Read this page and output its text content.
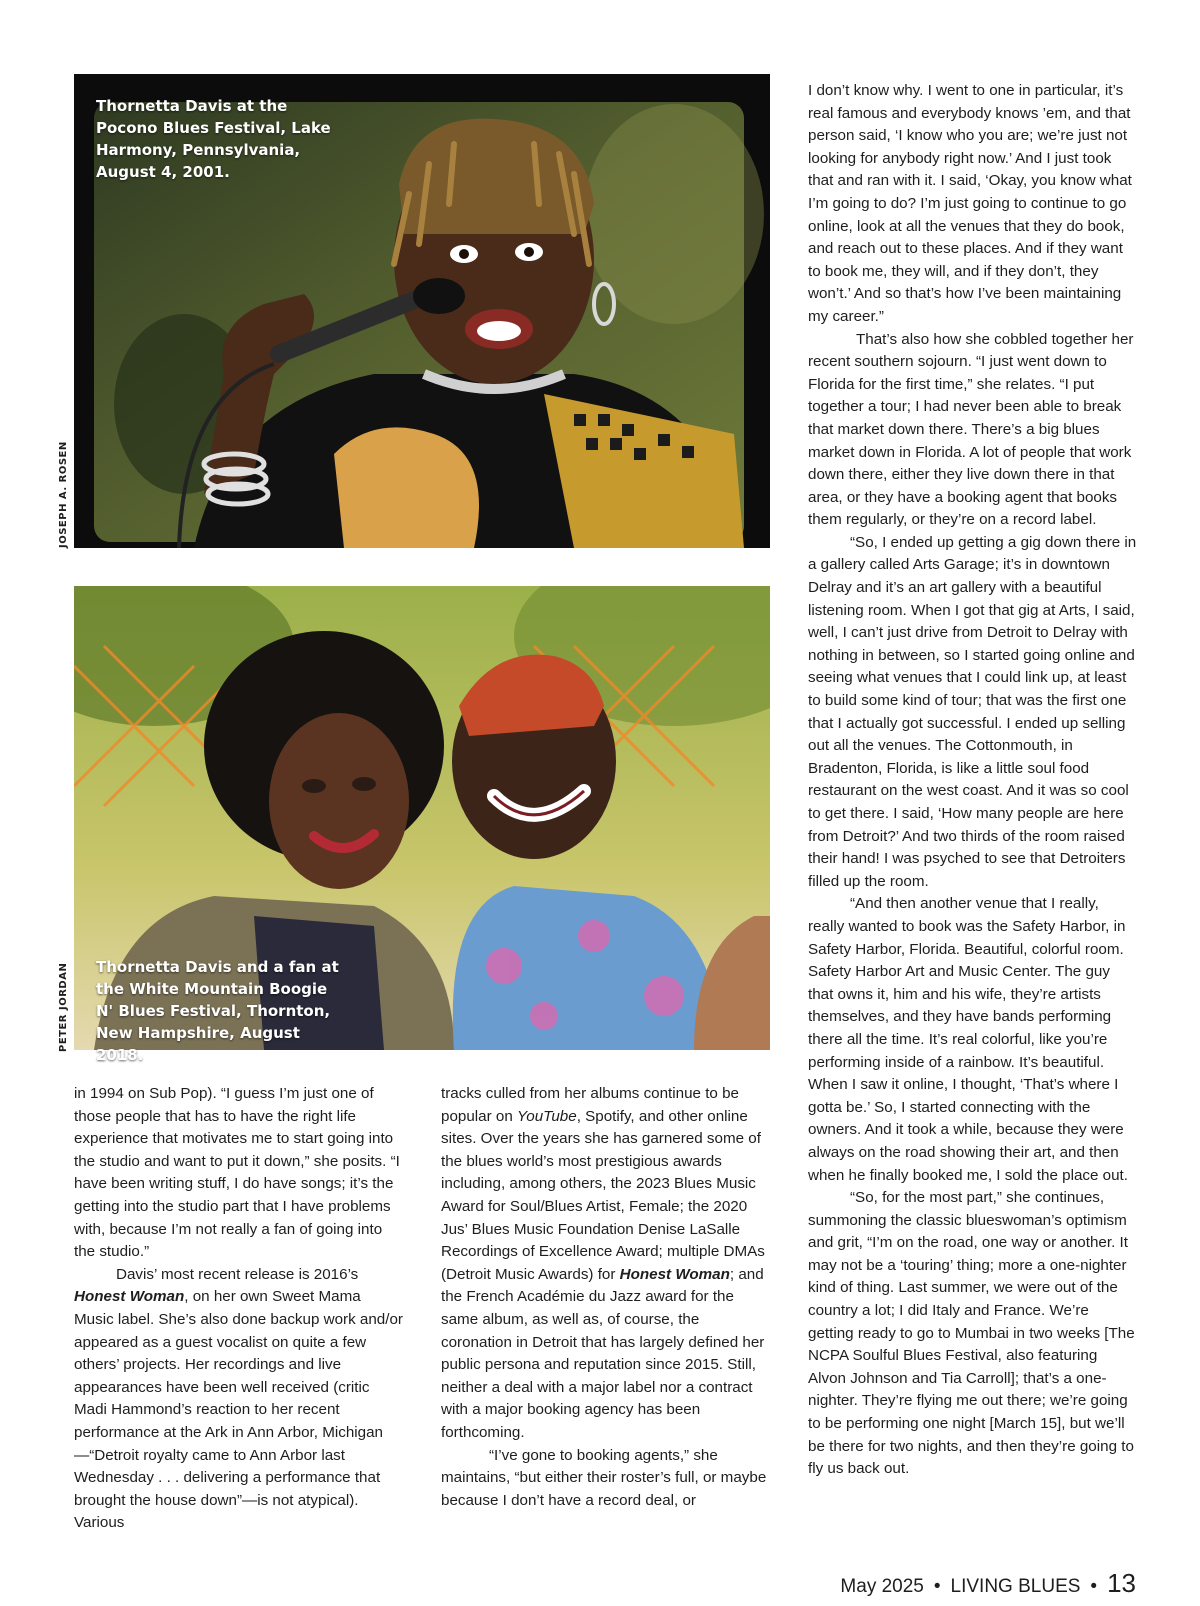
Thornetta Davis at the Pocono Blues Festival, Lake Harmony, Pennsylvania, August 4, 2001.
JOSEPH A. ROSEN
Thornetta Davis and a fan at the White Mountain Boogie N' Blues Festival, Thornton, New Hampshire, August 2018.
PETER JORDAN

in 1994 on Sub Pop). “I guess I’m just one of those people that has to have the right life experience that motivates me to start going into the studio and want to put it down,” she posits. “I have been writing stuff, I do have songs; it’s the getting into the studio part that I have problems with, because I’m not really a fan of going into the studio.”

Davis’ most recent release is 2016’s Honest Woman, on her own Sweet Mama Music label. She’s also done backup work and/or appeared as a guest vocalist on quite a few others’ projects. Her recordings and live appearances have been well received (critic Madi Hammond’s reaction to her recent performance at the Ark in Ann Arbor, Michigan—“Detroit royalty came to Ann Arbor last Wednesday . . . delivering a performance that brought the house down”—is not atypical). Various

tracks culled from her albums continue to be popular on YouTube, Spotify, and other online sites. Over the years she has garnered some of the blues world’s most prestigious awards including, among others, the 2023 Blues Music Award for Soul/Blues Artist, Female; the 2020 Jus’ Blues Music Foundation Denise LaSalle Recordings of Excellence Award; multiple DMAs (Detroit Music Awards) for Honest Woman; and the French Académie du Jazz award for the same album, as well as, of course, the coronation in Detroit that has largely defined her public persona and reputation since 2015. Still, neither a deal with a major label nor a contract with a major booking agency has been forthcoming.

“I’ve gone to booking agents,” she maintains, “but either their roster’s full, or maybe because I don’t have a record deal, or

I don’t know why. I went to one in particular, it’s real famous and everybody knows ’em, and that person said, ‘I know who you are; we’re just not looking for anybody right now.’ And I just took that and ran with it. I said, ‘Okay, you know what I’m going to do? I’m just going to continue to go online, look at all the venues that they do book, and reach out to these places. And if they want to book me, they will, and if they don’t, they won’t.’ And so that’s how I’ve been maintaining my career.”

That’s also how she cobbled together her recent southern sojourn. “I just went down to Florida for the first time,” she relates. “I put together a tour; I had never been able to break that market down there. There’s a big blues market down in Florida. A lot of people that work down there, either they live down there in that area, or they have a booking agent that books them regularly, or they’re on a record label.

“So, I ended up getting a gig down there in a gallery called Arts Garage; it’s in downtown Delray and it’s an art gallery with a beautiful listening room. When I got that gig at Arts, I said, well, I can’t just drive from Detroit to Delray with nothing in between, so I started going online and seeing what venues that I could link up, at least to build some kind of tour; that was the first one that I actually got successful. I ended up selling out all the venues. The Cottonmouth, in Bradenton, Florida, is like a little soul food restaurant on the west coast. And it was so cool to get there. I said, ‘How many people are here from Detroit?’ And two thirds of the room raised their hand! I was psyched to see that Detroiters filled up the room.

“And then another venue that I really, really wanted to book was the Safety Harbor, in Safety Harbor, Florida. Beautiful, colorful room. Safety Harbor Art and Music Center. The guy that owns it, him and his wife, they’re artists themselves, and they have bands performing there all the time. It’s real colorful, like you’re performing inside of a rainbow. It’s beautiful. When I saw it online, I thought, ‘That’s where I gotta be.’ So, I started connecting with the owners. And it took a while, because they were always on the road showing their art, and then when he finally booked me, I sold the place out.

“So, for the most part,” she continues, summoning the classic blueswoman’s optimism and grit, “I’m on the road, one way or another. It may not be a ‘touring’ thing; more a one-nighter kind of thing. Last summer, we were out of the country a lot; I did Italy and France. We’re getting ready to go to Mumbai in two weeks [The NCPA Soulful Blues Festival, also featuring Alvon Johnson and Tia Carroll]; that’s a one-nighter. They’re flying me out there; we’re going to be performing one night [March 15], but we’ll be there for two nights, and then they’re going to fly us back out.

May 2025 • LIVING BLUES • 13
